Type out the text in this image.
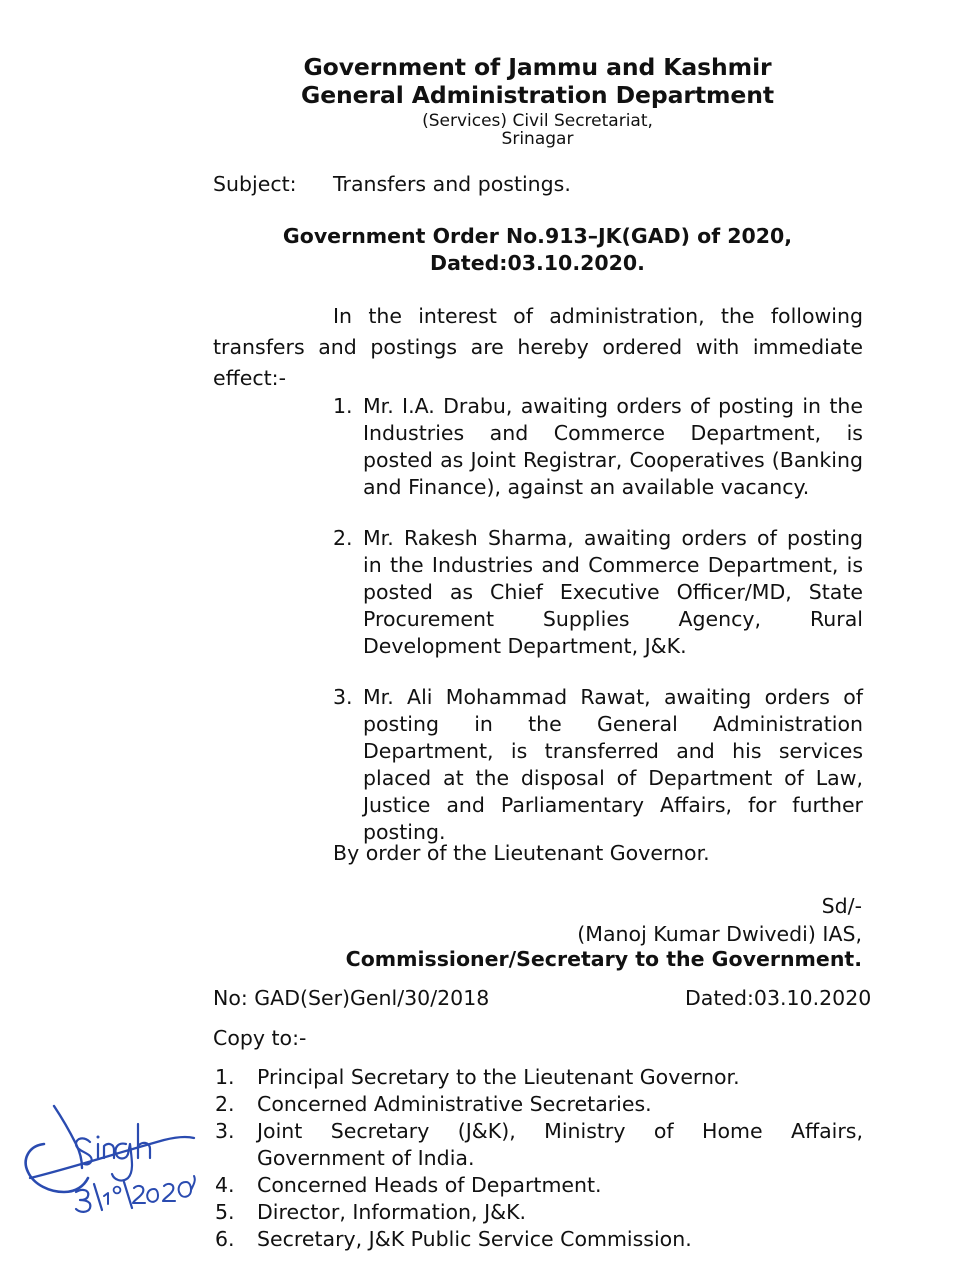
Government of Jammu and Kashmir
General Administration Department
(Services) Civil Secretariat,
Srinagar
Subject: Transfers and postings.
Government Order No.913–JK(GAD) of 2020,
Dated:03.10.2020.
In the interest of administration, the following transfers and postings are hereby ordered with immediate effect:-
1. Mr. I.A. Drabu, awaiting orders of posting in the Industries and Commerce Department, is posted as Joint Registrar, Cooperatives (Banking and Finance), against an available vacancy.
2. Mr. Rakesh Sharma, awaiting orders of posting in the Industries and Commerce Department, is posted as Chief Executive Officer/MD, State Procurement Supplies Agency, Rural Development Department, J&K.
3. Mr. Ali Mohammad Rawat, awaiting orders of posting in the General Administration Department, is transferred and his services placed at the disposal of Department of Law, Justice and Parliamentary Affairs, for further posting.
By order of the Lieutenant Governor.
Sd/-
(Manoj Kumar Dwivedi) IAS,
Commissioner/Secretary to the Government.
No: GAD(Ser)Genl/30/2018	Dated:03.10.2020
Copy to:-
1.	Principal Secretary to the Lieutenant Governor.
2.	Concerned Administrative Secretaries.
3.	Joint Secretary (J&K), Ministry of Home Affairs, Government of India.
4.	Concerned Heads of Department.
5.	Director, Information, J&K.
6.	Secretary, J&K Public Service Commission.
